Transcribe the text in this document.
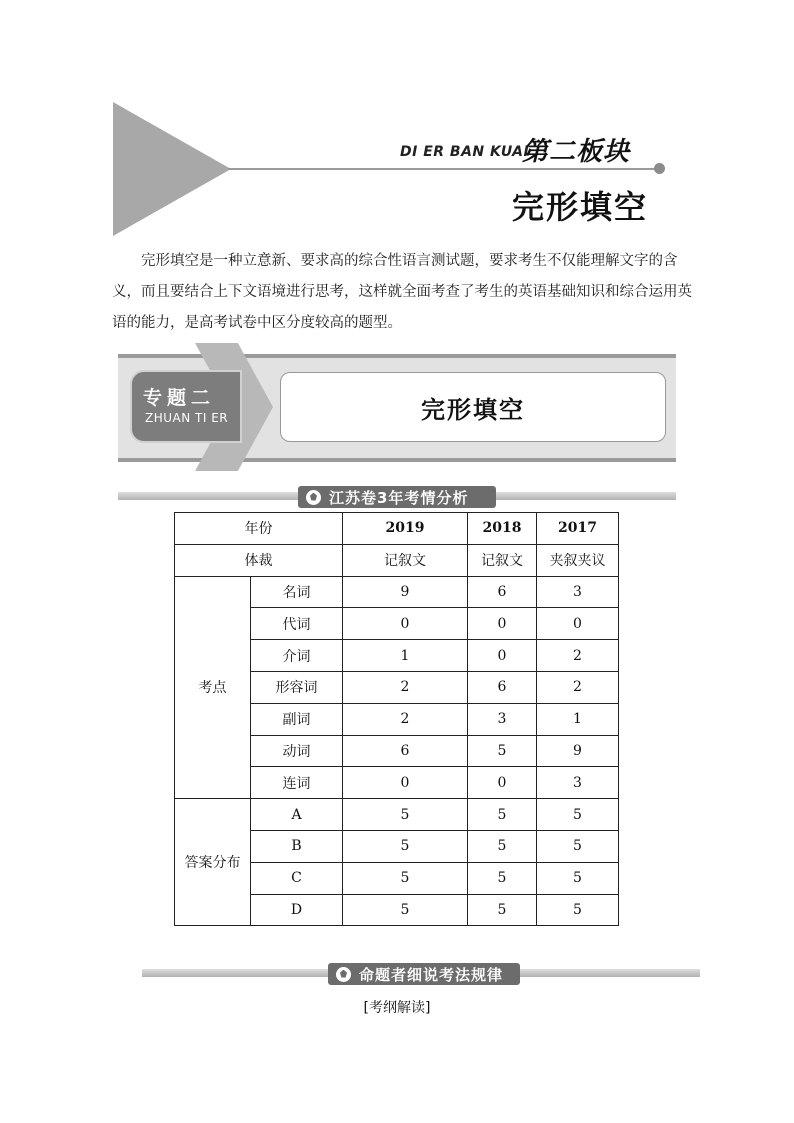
DI ER BAN KUAI
第二板块
完形填空
完形填空是一种立意新、要求高的综合性语言测试题，要求考生不仅能理解文字的含义，而且要结合上下文语境进行思考，这样就全面考查了考生的英语基础知识和综合运用英语的能力，是高考试卷中区分度较高的题型。
专题二
ZHUAN TI ER	完形填空
江苏卷3年考情分析
年份		2019	2018	2017
体裁		记叙文	记叙文	夹叙夹议
考点	名词	9	6	3
	代词	0	0	0
	介词	1	0	2
	形容词	2	6	2
	副词	2	3	1
	动词	6	5	9
	连词	0	0	3
答案分布	A	5	5	5
	B	5	5	5
	C	5	5	5
	D	5	5	5
命题者细说考法规律
[考纲解读]
